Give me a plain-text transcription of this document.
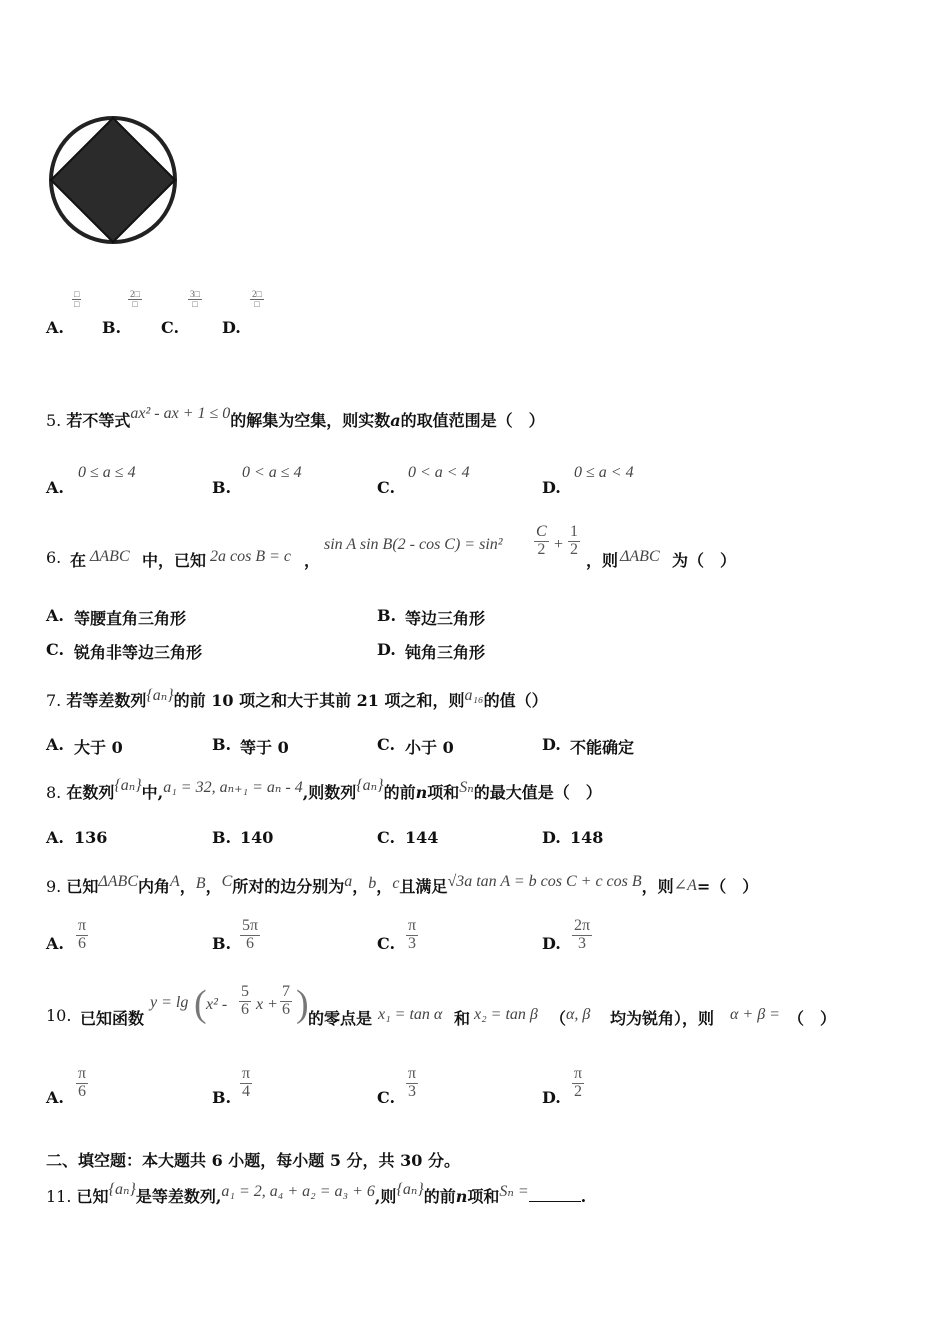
A.
□
□
B.
2□
□
C.
3□
□
D.
2□
□
5. 若不等式ax² - ax + 1 ≤ 0的解集为空集，则实数a的取值范围是（　）
A.
0 ≤ a ≤ 4
B.
0 < a ≤ 4
C.
0 < a < 4
D.
0 ≤ a < 4
6. 在 ΔABC 中，已知 2a cos B = c ，
sin A $\sin B(2 - \cos C) = \sin^2 \frac{C}{2} + \frac{1}{2}$
，则 ΔABC 为（　）
A. 等腰直角三角形	B. 等边三角形
C. 锐角非等边三角形	D. 钝角三角形
7. 若等差数列{aₙ}的前 10 项之和大于其前 21 项之和，则a₁₆的值（）
A. 大于 0	B. 等于 0	C. 小于 0	D. 不能确定
8. 在数列{aₙ}中,a₁ = 32, aₙ₊₁ = aₙ - 4,则数列{aₙ}的前n项和Sₙ的最大值是（　）
A. 136	B. 140	C. 144	D. 148
9. 已知ΔABC内角A，B，C所对的边分别为a，b，c且满足√3a tan A = b cos C + c cos B，则∠A=（　）
A. $\frac{\pi}{6}$	B. $\frac{5\pi}{6}$	C. $\frac{\pi}{3}$	D. $\frac{2\pi}{3}$
10. 已知函数
y = lg ( $x^2 - \frac{5}{6}$ $x + \frac{7}{6}$ ) 的零点是 x₁ = tan α 和 x₂ = tan β （ α, β 均为锐角），则 α + β = （　）
A. $\frac{\pi}{6}$	B. $\frac{\pi}{4}$	C. $\frac{\pi}{3}$	D. $\frac{\pi}{2}$
二、填空题：本大题共 6 小题，每小题 5 分，共 30 分。
11. 已知{aₙ}是等差数列,a₁ = 2, a₄ + a₂ = a₃ + 6,则{aₙ}的前n项和Sₙ =	.
